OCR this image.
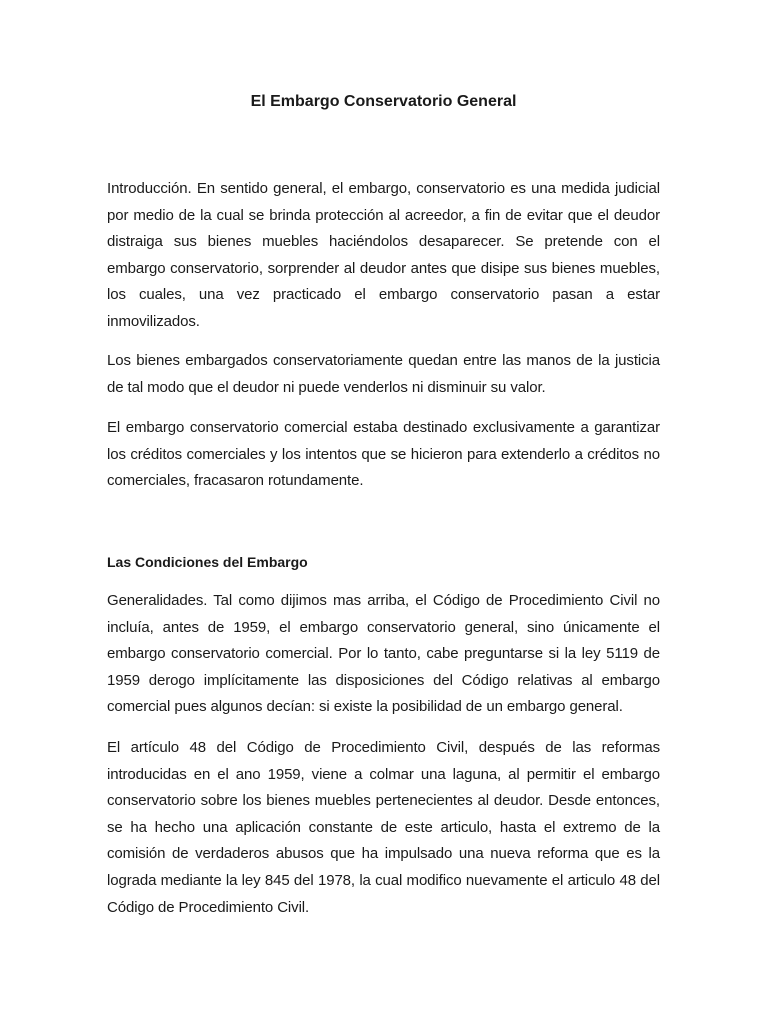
El Embargo Conservatorio General

Introducción. En sentido general, el embargo, conservatorio es una medida judicial por medio de la cual se brinda protección al acreedor, a fin de evitar que el deudor distraiga sus bienes muebles haciéndolos desaparecer. Se pretende con el embargo conservatorio, sorprender al deudor antes que disipe sus bienes muebles, los cuales, una vez practicado el embargo conservatorio pasan a estar inmovilizados.

Los bienes embargados conservatoriamente quedan entre las manos de la justicia de tal modo que el deudor ni puede venderlos ni disminuir su valor.

El embargo conservatorio comercial estaba destinado exclusivamente a garantizar los créditos comerciales y los intentos que se hicieron para extenderlo a créditos no comerciales, fracasaron rotundamente.

Las Condiciones del Embargo

Generalidades. Tal como dijimos mas arriba, el Código de Procedimiento Civil no incluía, antes de 1959, el embargo conservatorio general, sino únicamente el embargo conservatorio comercial. Por lo tanto, cabe preguntarse si la ley 5119 de 1959 derogo implícitamente las disposiciones del Código relativas al embargo comercial pues algunos decían: si existe la posibilidad de un embargo general.

El artículo 48 del Código de Procedimiento Civil, después de las reformas introducidas en el ano 1959, viene a colmar una laguna, al permitir el embargo conservatorio sobre los bienes muebles pertenecientes al deudor. Desde entonces, se ha hecho una aplicación constante de este articulo, hasta el extremo de la comisión de verdaderos abusos que ha impulsado una nueva reforma que es la lograda mediante la ley 845 del 1978, la cual modifico nuevamente el articulo 48 del Código de Procedimiento Civil.
